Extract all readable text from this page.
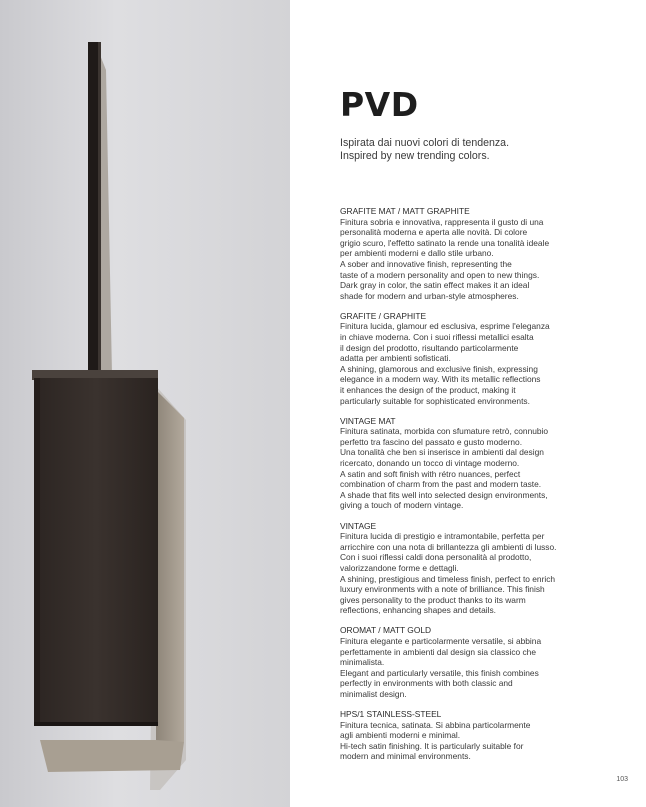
PVD
Ispirata dai nuovi colori di tendenza.
Inspired by new trending colors.
GRAFITE MAT / MATT GRAPHITE
Finitura sobria e innovativa, rappresenta il gusto di una
personalità moderna e aperta alle novità. Di colore
grigio scuro, l'effetto satinato la rende una tonalità ideale
per ambienti moderni e dallo stile urbano.
A sober and innovative finish, representing the
taste of a modern personality and open to new things.
Dark gray in color, the satin effect makes it an ideal
shade for modern and urban-style atmospheres.
GRAFITE / GRAPHITE
Finitura lucida, glamour ed esclusiva, esprime l'eleganza
in chiave moderna. Con i suoi riflessi metallici esalta
il design del prodotto, risultando particolarmente
adatta per ambienti sofisticati.
A shining, glamorous and exclusive finish, expressing
elegance in a modern way. With its metallic reflections
it enhances the design of the product, making it
particularly suitable for sophisticated environments.
VINTAGE MAT
Finitura satinata, morbida con sfumature retrò, connubio
perfetto tra fascino del passato e gusto moderno.
Una tonalità che ben si inserisce in ambienti dal design
ricercato, donando un tocco di vintage moderno.
A satin and soft finish with rétro nuances, perfect
combination of charm from the past and modern taste.
A shade that fits well into selected design environments,
giving a touch of modern vintage.
VINTAGE
Finitura lucida di prestigio e intramontabile, perfetta per
arricchire con una nota di brillantezza gli ambienti di lusso.
Con i suoi riflessi caldi dona personalità al prodotto,
valorizzandone forme e dettagli.
A shining, prestigious and timeless finish, perfect to enrich
luxury environments with a note of brilliance. This finish
gives personality to the product thanks to its warm
reflections, enhancing shapes and details.
OROMAT / MATT GOLD
Finitura elegante e particolarmente versatile, si abbina
perfettamente in ambienti dal design sia classico che
minimalista.
Elegant and particularly versatile, this finish combines
perfectly in environments with both classic and
minimalist design.
HPS/1 STAINLESS-STEEL
Finitura tecnica, satinata. Si abbina particolarmente
agli ambienti moderni e minimal.
Hi-tech satin finishing. It is particularly suitable for
modern and minimal environments.
103
